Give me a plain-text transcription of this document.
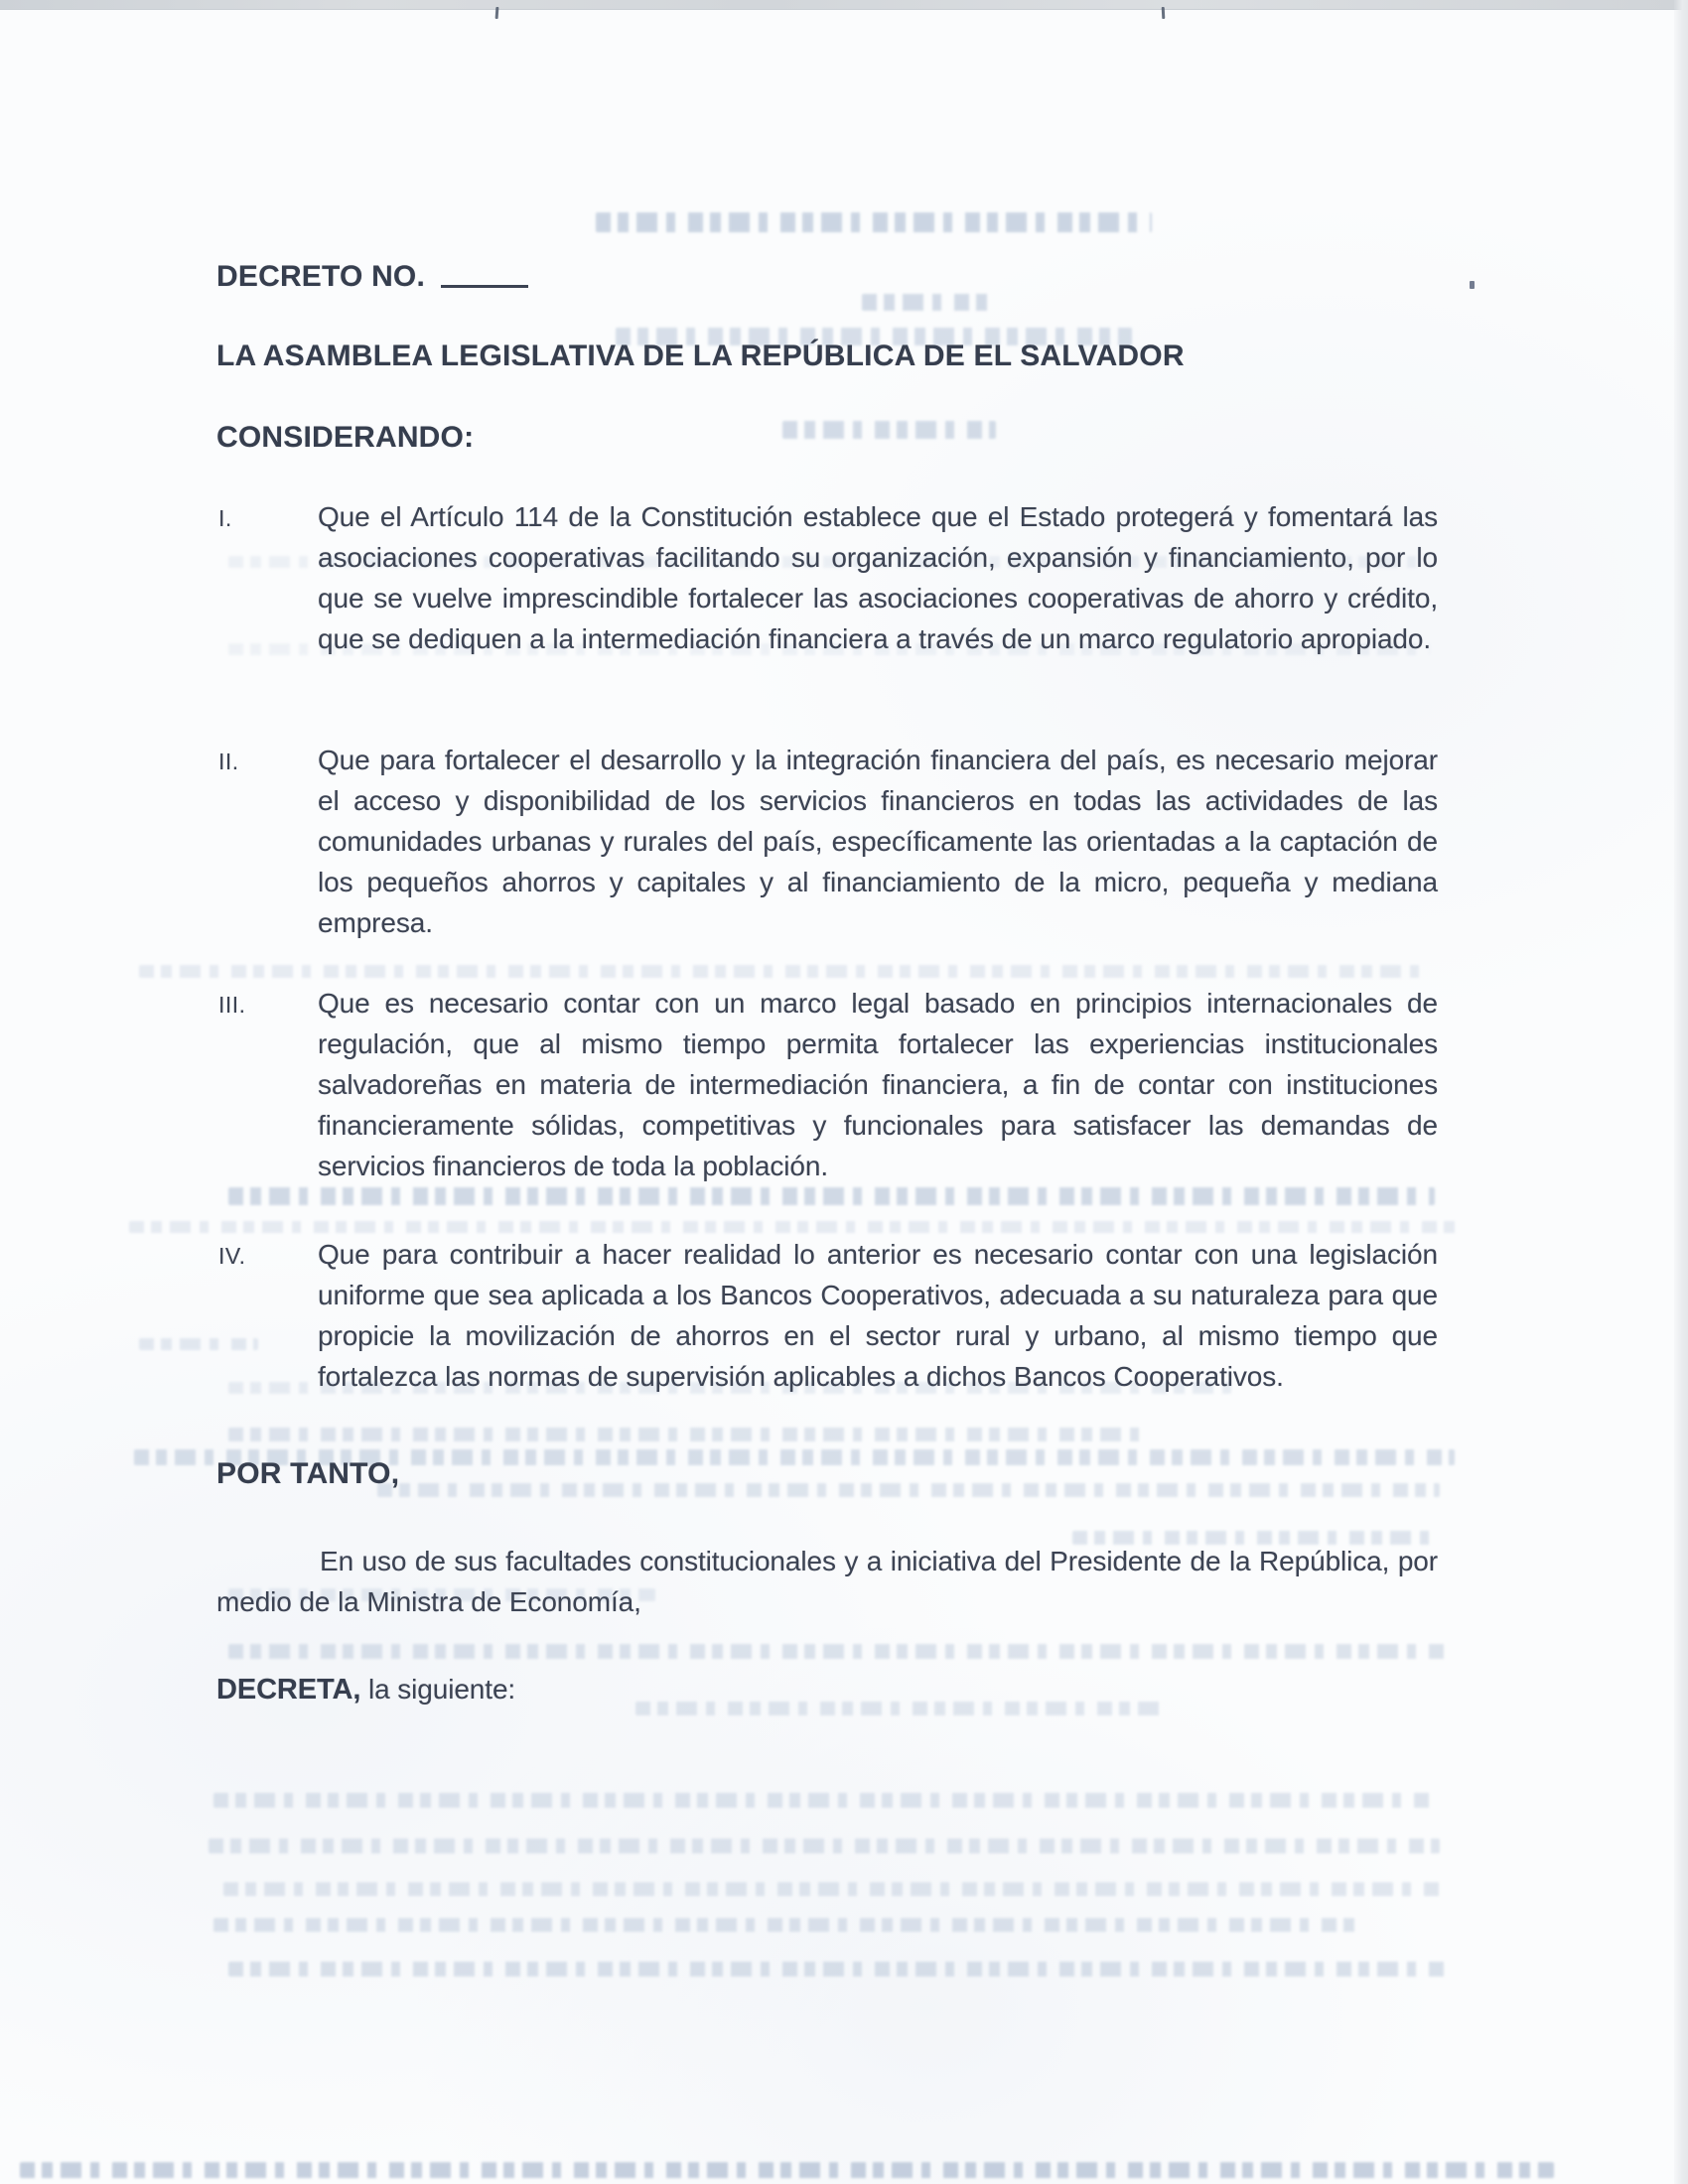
DECRETO NO.
LA ASAMBLEA LEGISLATIVA DE LA REPÚBLICA DE EL SALVADOR
CONSIDERANDO:
I.	Que el Artículo 114 de la Constitución establece que el Estado protegerá y fomentará las asociaciones cooperativas facilitando su organización, expansión y financiamiento, por lo que se vuelve imprescindible fortalecer las asociaciones cooperativas de ahorro y crédito, que se dediquen a la intermediación financiera a través de un marco regulatorio apropiado.
II.	Que para fortalecer el desarrollo y la integración financiera del país, es necesario mejorar el acceso y disponibilidad de los servicios financieros en todas las actividades de las comunidades urbanas y rurales del país, específicamente las orientadas a la captación de los pequeños ahorros y capitales y al financiamiento de la micro, pequeña y mediana empresa.
III.	Que es necesario contar con un marco legal basado en principios internacionales de regulación, que al mismo tiempo permita fortalecer las experiencias institucionales salvadoreñas en materia de intermediación financiera, a fin de contar con instituciones financieramente sólidas, competitivas y funcionales para satisfacer las demandas de servicios financieros de toda la población.
IV.	Que para contribuir a hacer realidad lo anterior es necesario contar con una legislación uniforme que sea aplicada a los Bancos Cooperativos, adecuada a su naturaleza para que propicie la movilización de ahorros en el sector rural y urbano, al mismo tiempo que fortalezca las normas de supervisión aplicables a dichos Bancos Cooperativos.
POR TANTO,
En uso de sus facultades constitucionales y a iniciativa del Presidente de la República, por medio de la Ministra de Economía,
DECRETA, la siguiente:
